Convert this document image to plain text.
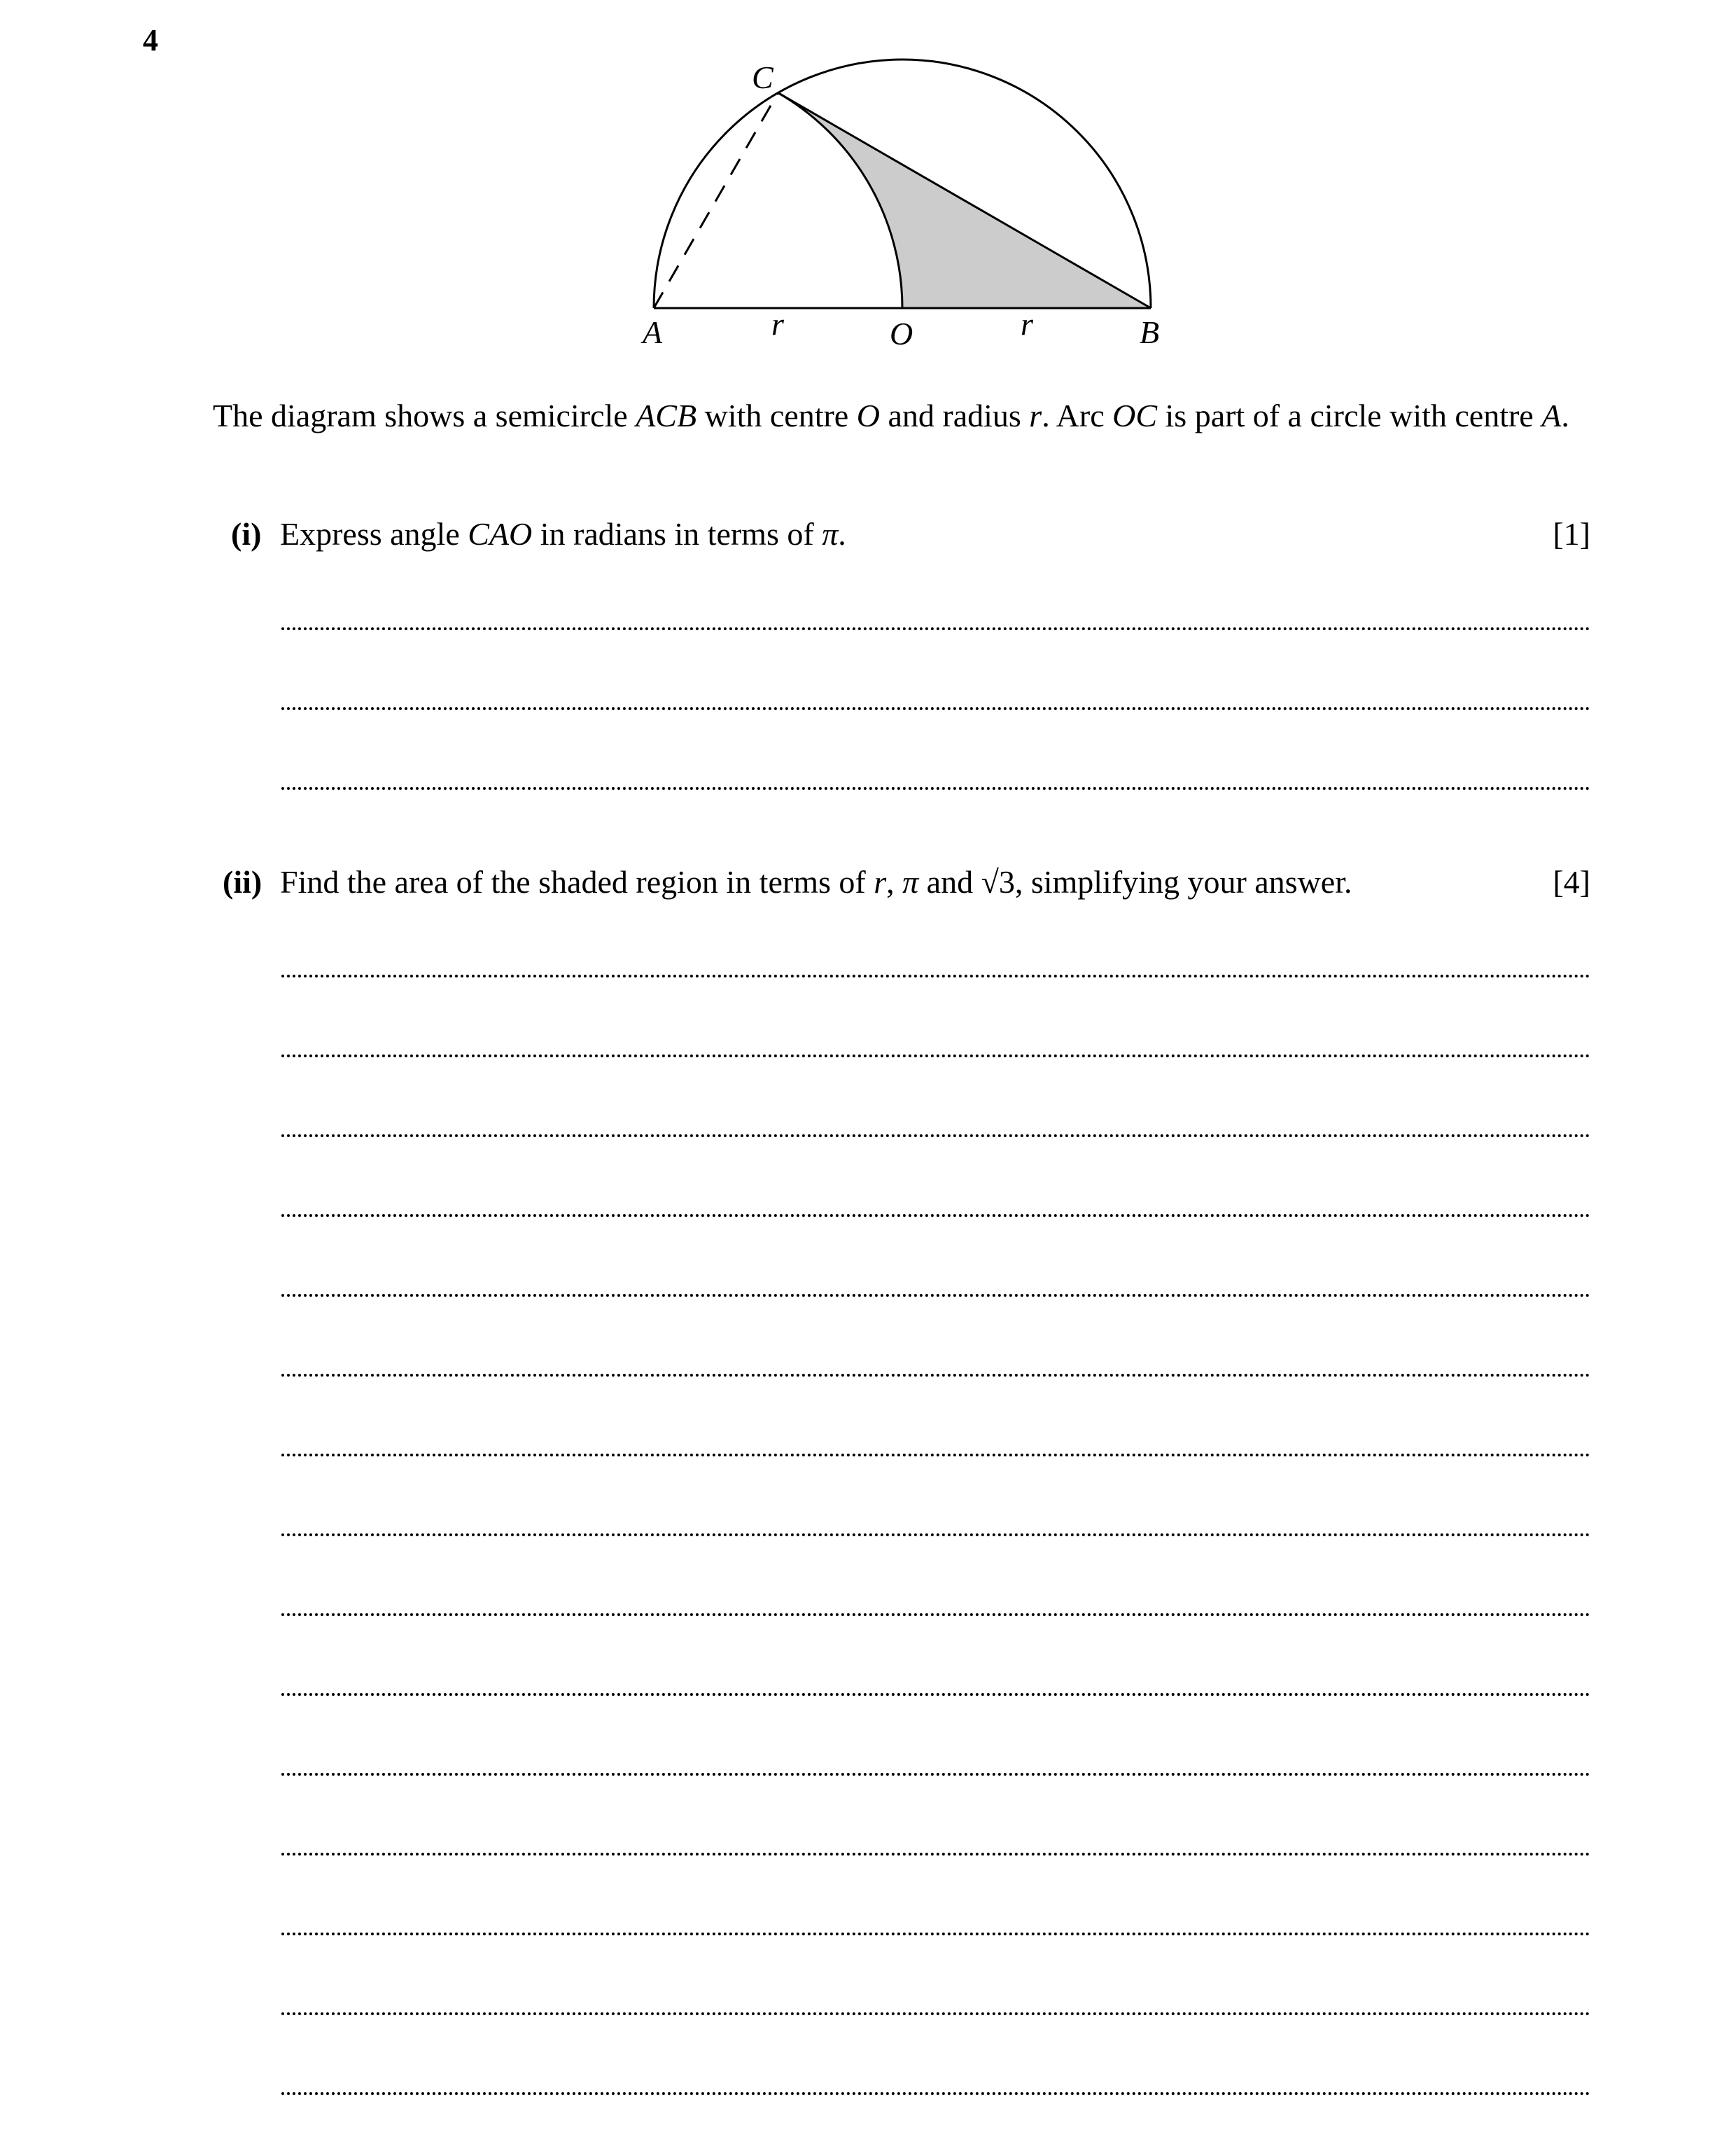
4
C
A	r	O	r	B
The diagram shows a semicircle ACB with centre O and radius r. Arc OC is part of a circle with centre A.
(i) Express angle CAO in radians in terms of π.	[1]
(ii) Find the area of the shaded region in terms of r, π and √3, simplifying your answer.	[4]
